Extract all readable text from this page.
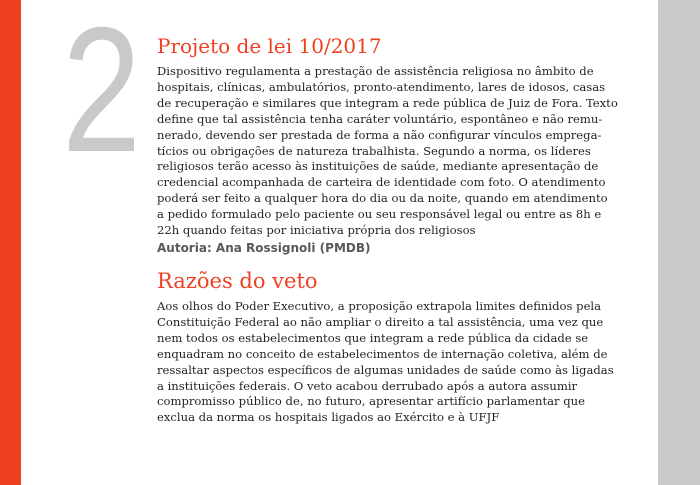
2 Projeto de lei 10/2017
Dispositivo regulamenta a prestação de assistência religiosa no âmbito de
hospitais, clínicas, ambulatórios, pronto-atendimento, lares de idosos, casas
de recuperação e similares que integram a rede pública de Juiz de Fora. Texto
define que tal assistência tenha caráter voluntário, espontâneo e não remu-
nerado, devendo ser prestada de forma a não configurar vínculos emprega-
tícios ou obrigações de natureza trabalhista. Segundo a norma, os líderes
religiosos terão acesso às instituições de saúde, mediante apresentação de
credencial acompanhada de carteira de identidade com foto. O atendimento
poderá ser feito a qualquer hora do dia ou da noite, quando em atendimento
a pedido formulado pelo paciente ou seu responsável legal ou entre as 8h e
22h quando feitas por iniciativa própria dos religiosos
Autoria: Ana Rossignoli (PMDB)
Razões do veto
Aos olhos do Poder Executivo, a proposição extrapola limites definidos pela
Constituição Federal ao não ampliar o direito a tal assistência, uma vez que
nem todos os estabelecimentos que integram a rede pública da cidade se
enquadram no conceito de estabelecimentos de internação coletiva, além de
ressaltar aspectos específicos de algumas unidades de saúde como às ligadas
a instituições federais. O veto acabou derrubado após a autora assumir
compromisso público de, no futuro, apresentar artifício parlamentar que
exclua da norma os hospitais ligados ao Exército e à UFJF
